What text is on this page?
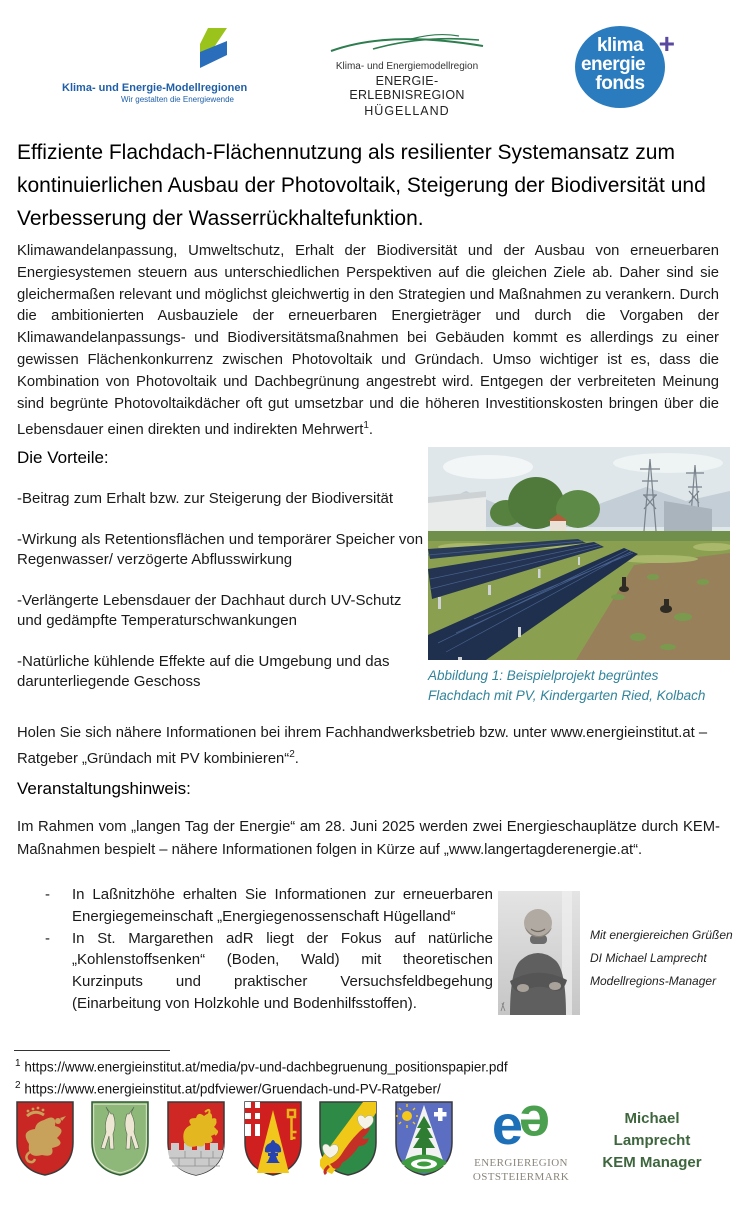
Klima- und Energie-Modellregionen
Wir gestalten die Energiewende
Klima- und Energiemodellregion
ENERGIE-ERLEBNISREGION
HÜGELLAND
klima
energie
fonds
+
Effiziente Flachdach-Flächennutzung als resilienter Systemansatz zum kontinuierlichen Ausbau der Photovoltaik, Steigerung der Biodiversität und Verbesserung der Wasserrückhaltefunktion.

Klimawandelanpassung, Umweltschutz, Erhalt der Biodiversität und der Ausbau von erneuerbaren Energiesystemen steuern aus unterschiedlichen Perspektiven auf die gleichen Ziele ab. Daher sind sie gleichermaßen relevant und möglichst gleichwertig in den Strategien und Maßnahmen zu verankern. Durch die ambitionierten Ausbauziele der erneuerbaren Energieträger und durch die Vorgaben der Klimawandelanpassungs- und Biodiversitätsmaßnahmen bei Gebäuden kommt es allerdings zu einer gewissen Flächenkonkurrenz zwischen Photovoltaik und Gründach. Umso wichtiger ist es, dass die Kombination von Photovoltaik und Dachbegrünung angestrebt wird. Entgegen der verbreiteten Meinung sind begrünte Photovoltaikdächer oft gut umsetzbar und die höheren Investitionskosten bringen über die Lebensdauer einen direkten und indirekten Mehrwert$^1$.

Die Vorteile:
-Beitrag zum Erhalt bzw. zur Steigerung der Biodiversität
-Wirkung als Retentionsflächen und temporärer Speicher von Regenwasser/ verzögerte Abflusswirkung
-Verlängerte Lebensdauer der Dachhaut durch UV-Schutz und gedämpfte Temperaturschwankungen
-Natürliche kühlende Effekte auf die Umgebung und das darunterliegende Geschoss	Abbildung 1: Beispielprojekt begrüntes Flachdach mit PV, Kindergarten Ried, Kolbach

Holen Sie sich nähere Informationen bei ihrem Fachhandwerksbetrieb bzw. unter www.energieinstitut.at – Ratgeber „Gründach mit PV kombinieren“$^2$.

Veranstaltungshinweis:

Im Rahmen vom „langen Tag der Energie“ am 28. Juni 2025 werden zwei Energieschauplätze durch KEM-Maßnahmen bespielt – nähere Informationen folgen in Kürze auf „www.langertagderenergie.at“.

-	In Laßnitzhöhe erhalten Sie Informationen zur erneuerbaren Energiegemeinschaft „Energiegenossenschaft Hügelland“
-	In St. Margarethen adR liegt der Fokus auf natürliche „Kohlenstoffsenken“ (Boden, Wald) mit theoretischen Kurzinputs und praktischer Versuchsfeldbegehung (Einarbeitung von Holzkohle und Bodenhilfsstoffen).
Mit energiereichen Grüßen
DI Michael Lamprecht
Modellregions-Manager
$^1$ https://www.energieinstitut.at/media/pv-und-dachbegruenung_positionspapier.pdf
$^2$ https://www.energieinstitut.at/pdfviewer/Gruendach-und-PV-Ratgeber/
e
e
ENERGIEREGION
OSTSTEIERMARK
Michael
Lamprecht
KEM Manager
